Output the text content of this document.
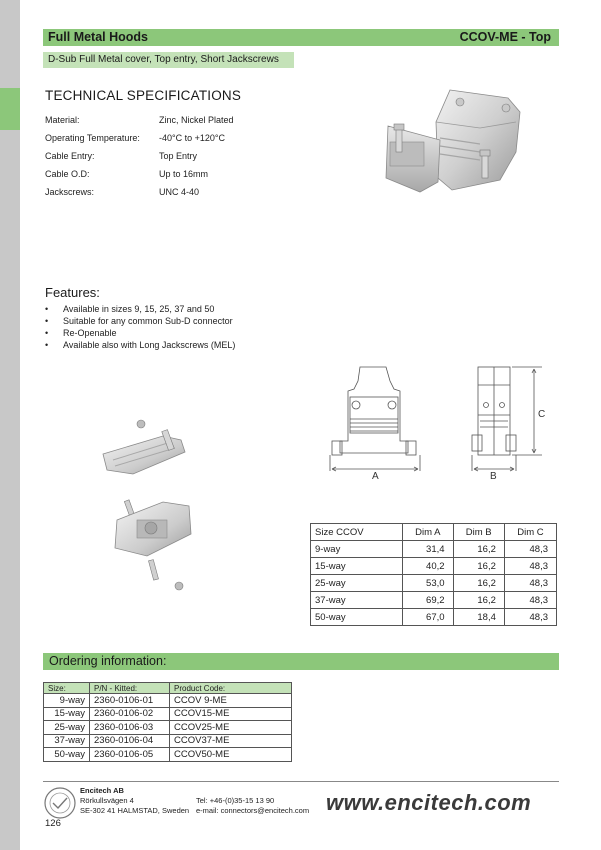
Full Metal Hoods	CCOV-ME - Top
D-Sub Full Metal cover, Top entry, Short Jackscrews
TECHNICAL SPECIFICATIONS
Material:	Zinc, Nickel Plated
Operating Temperature: -40°C to +120°C
Cable Entry:	Top Entry
Cable O.D:	Up to 16mm
Jackscrews:	UNC 4-40
Features:
• Available in sizes 9, 15, 25, 37 and 50
• Suitable for any common Sub-D connector
• Re-Openable
• Available also with Long Jackscrews (MEL)
A	B
C
Size CCOV	Dim A	Dim B	Dim C
9-way	31,4	16,2	48,3
15-way	40,2	16,2	48,3
25-way	53,0	16,2	48,3
37-way	69,2	16,2	48,3
50-way	67,0	18,4	48,3
Ordering information:
Size:	P/N - Kitted:	Product Code:
9-way	2360-0106-01	CCOV 9-ME
15-way	2360-0106-02	CCOV15-ME
25-way	2360-0106-03	CCOV25-ME
37-way	2360-0106-04	CCOV37-ME
50-way	2360-0106-05	CCOV50-ME
Encitech AB
Rörkullsvägen 4
SE-302 41 HALMSTAD, Sweden
Tel: +46-(0)35-15 13 90
e-mail: connectors@encitech.com www.encitech.com
126
